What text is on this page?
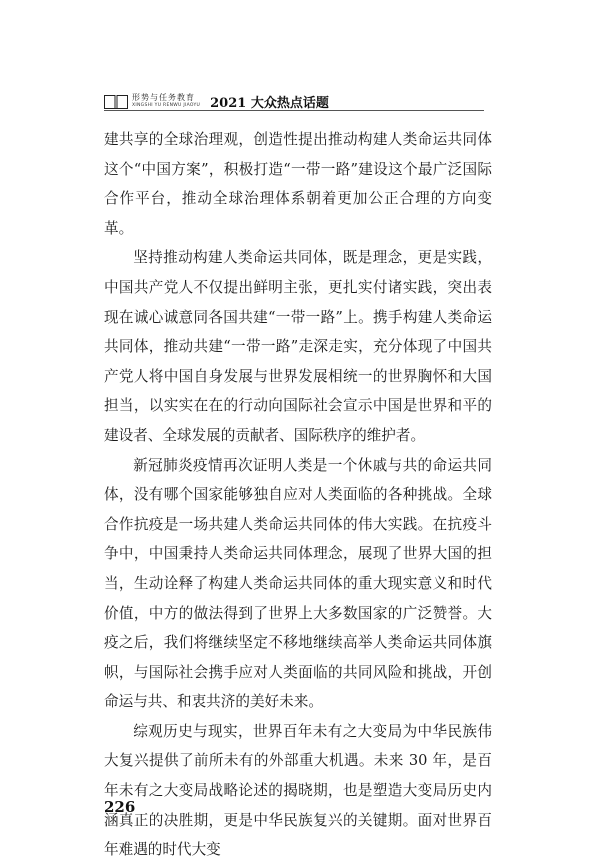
形势与任务教育
XINGSHI YU RENWU JIAOYU 2021 大众热点话题

建共享的全球治理观，创造性提出推动构建人类命运共同体这个“中国方案”，积极打造“一带一路”建设这个最广泛国际合作平台，推动全球治理体系朝着更加公正合理的方向变革。

坚持推动构建人类命运共同体，既是理念，更是实践，中国共产党人不仅提出鲜明主张，更扎实付诸实践，突出表现在诚心诚意同各国共建“一带一路”上。携手构建人类命运共同体，推动共建“一带一路”走深走实，充分体现了中国共产党人将中国自身发展与世界发展相统一的世界胸怀和大国担当，以实实在在的行动向国际社会宣示中国是世界和平的建设者、全球发展的贡献者、国际秩序的维护者。

新冠肺炎疫情再次证明人类是一个休戚与共的命运共同体，没有哪个国家能够独自应对人类面临的各种挑战。全球合作抗疫是一场共建人类命运共同体的伟大实践。在抗疫斗争中，中国秉持人类命运共同体理念，展现了世界大国的担当，生动诠释了构建人类命运共同体的重大现实意义和时代价值，中方的做法得到了世界上大多数国家的广泛赞誉。大疫之后，我们将继续坚定不移地继续高举人类命运共同体旗帜，与国际社会携手应对人类面临的共同风险和挑战，开创命运与共、和衷共济的美好未来。

综观历史与现实，世界百年未有之大变局为中华民族伟大复兴提供了前所未有的外部重大机遇。未来 30 年，是百年未有之大变局战略论述的揭晓期，也是塑造大变局历史内涵真正的决胜期，更是中华民族复兴的关键期。面对世界百年难遇的时代大变

226
